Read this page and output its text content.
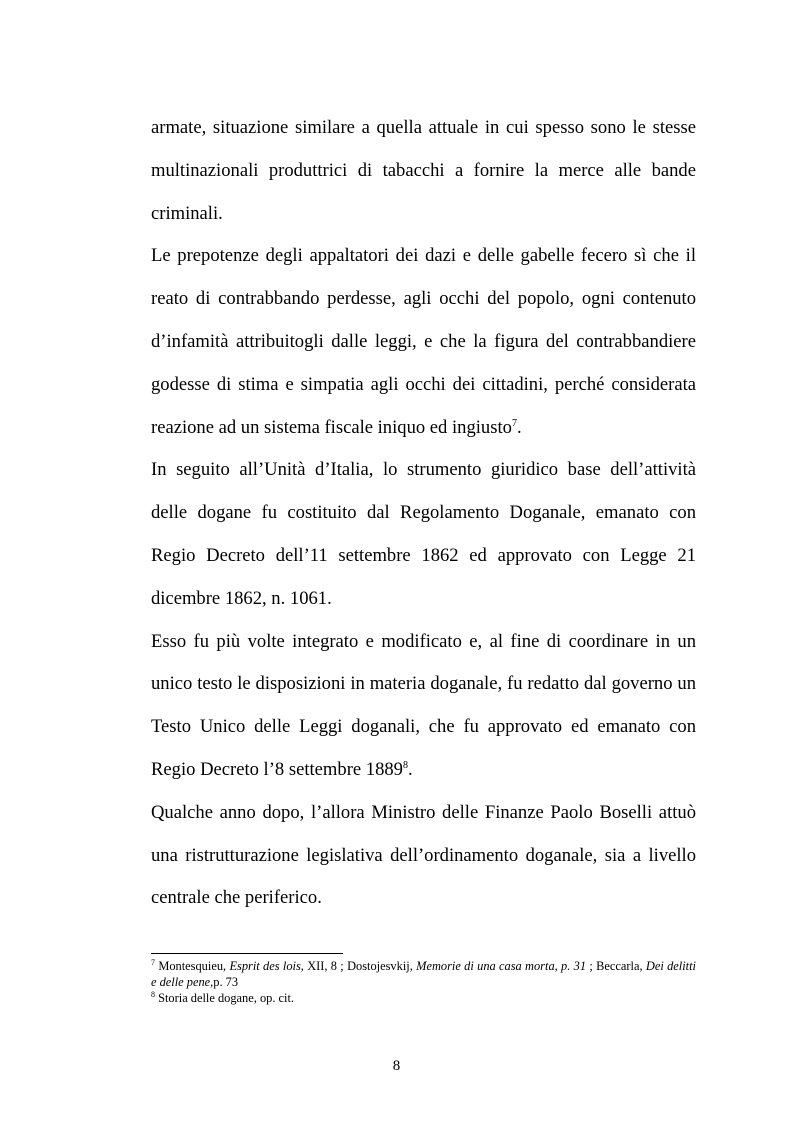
armate, situazione similare a quella attuale in cui spesso sono le stesse multinazionali produttrici di tabacchi a fornire la merce alle bande criminali.

Le prepotenze degli appaltatori dei dazi e delle gabelle fecero sì che il reato di contrabbando perdesse, agli occhi del popolo, ogni contenuto d’infamità attribuitogli dalle leggi, e che la figura del contrabbandiere godesse di stima e simpatia agli occhi dei cittadini, perché considerata reazione ad un sistema fiscale iniquo ed ingiusto$^7$.

In seguito all’Unità d’Italia, lo strumento giuridico base dell’attività delle dogane fu costituito dal Regolamento Doganale, emanato con Regio Decreto dell’11 settembre 1862 ed approvato con Legge 21 dicembre 1862, n. 1061.

Esso fu più volte integrato e modificato e, al fine di coordinare in un unico testo le disposizioni in materia doganale, fu redatto dal governo un Testo Unico delle Leggi doganali, che fu approvato ed emanato con Regio Decreto l’8 settembre 1889$^8$.

Qualche anno dopo, l’allora Ministro delle Finanze Paolo Boselli attuò una ristrutturazione legislativa dell’ordinamento doganale, sia a livello centrale che periferico.

$^7$ Montesquieu, Esprit des lois, XII, 8 ; Dostojesvkij, Memorie di una casa morta, p. 31 ; Beccarla, Dei delitti e delle pene,p. 73

$^8$ Storia delle dogane, op. cit.

8
